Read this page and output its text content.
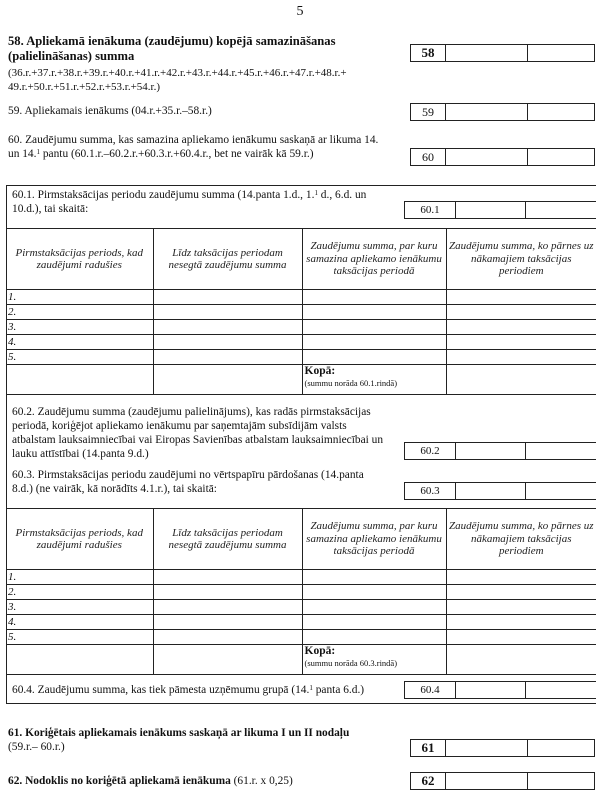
5
58. Apliekamā ienākuma (zaudējumu) kopējā samazināšanas
(palielināšanas) summa
(36.r.+37.r.+38.r.+39.r.+40.r.+41.r.+42.r.+43.r.+44.r.+45.r.+46.r.+47.r.+48.r.+
49.r.+50.r.+51.r.+52.r.+53.r.+54.r.)
58
59. Apliekamais ienākums (04.r.+35.r.–58.r.)	59
60. Zaudējumu summa, kas samazina apliekamo ienākumu saskaņā ar likuma 14.
un 14.$^1$ pantu (60.1.r.–60.2.r.+60.3.r.+60.4.r., bet ne vairāk kā 59.r.)	60
60.1. Pirmstaksācijas periodu zaudējumu summa (14.panta 1.d., 1.$^1$ d., 6.d. un
10.d.), tai skaitā:	60.1
Pirmstaksācijas periods, kad zaudējumi radušies	Līdz taksācijas periodam nesegtā zaudējumu summa	Zaudējumu summa, par kuru samazina apliekamo ienākumu taksācijas periodā	Zaudējumu summa, ko pārnes uz nākamajiem taksācijas periodiem
1.			
2.			
3.			
4.			
5.			

		Kopā:
(summu norāda 60.1.rindā)	

60.2. Zaudējumu summa (zaudējumu palielinājums), kas radās pirmstaksācijas
periodā, koriģējot apliekamo ienākumu par saņemtajām subsīdijām valsts
atbalstam lauksaimniecībai vai Eiropas Savienības atbalstam lauksaimniecībai un
lauku attīstībai (14.panta 9.d.)	60.2
60.3. Pirmstaksācijas periodu zaudējumi no vērtspapīru pārdošanas (14.panta
8.d.) (ne vairāk, kā norādīts 4.1.r.), tai skaitā:	60.3
Pirmstaksācijas periods, kad zaudējumi radušies	Līdz taksācijas periodam nesegtā zaudējumu summa	Zaudējumu summa, par kuru samazina apliekamo ienākumu taksācijas periodā	Zaudējumu summa, ko pārnes uz nākamajiem taksācijas periodiem
1.			
2.			
3.			
4.			
5.			

		Kopā:
(summu norāda 60.3.rindā)	

60.4. Zaudējumu summa, kas tiek pāmesta uzņēmumu grupā (14.$^1$ panta 6.d.)	60.4
61. Koriģētais apliekamais ienākums saskaņā ar likuma I un II nodaļu
(59.r.– 60.r.)	61
62. Nodoklis no koriģētā apliekamā ienākuma (61.r. x 0,25)	62
